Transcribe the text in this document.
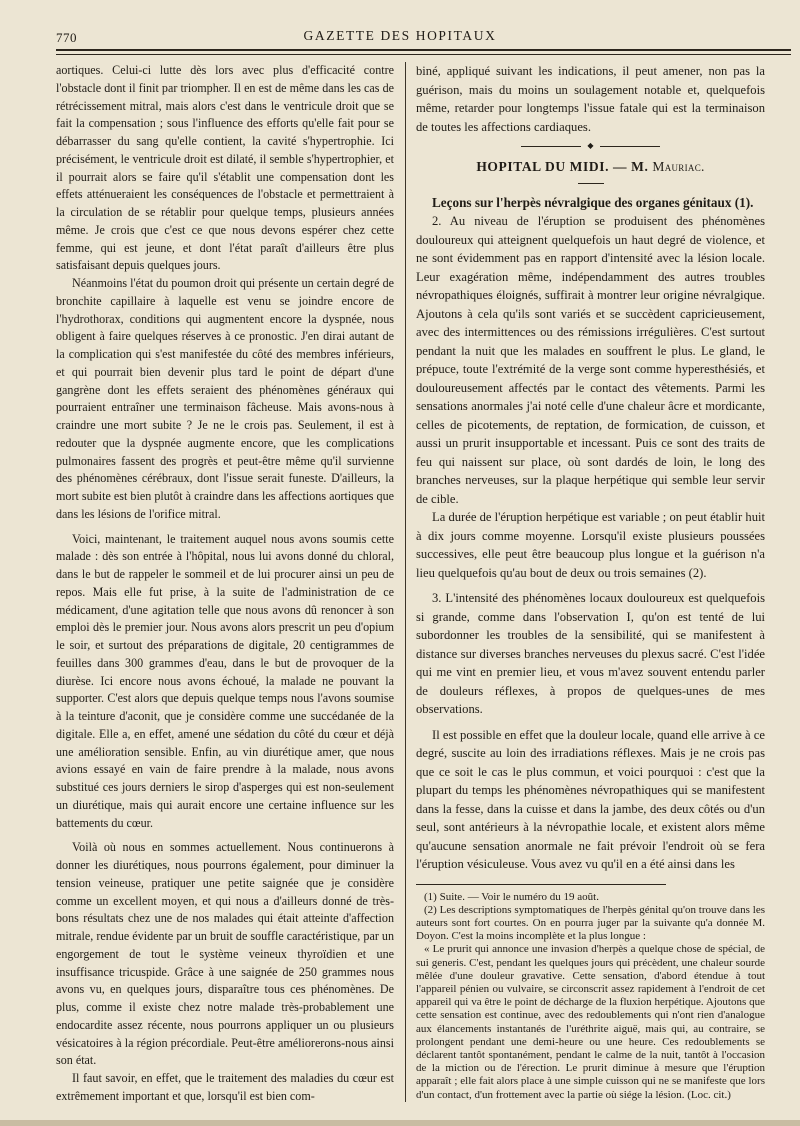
770	GAZETTE DES HOPITAUX

aortiques. Celui-ci lutte dès lors avec plus d'efficacité contre l'obstacle dont il finit par triompher. Il en est de même dans les cas de rétrécissement mitral, mais alors c'est dans le ventricule droit que se fait la compensation ; sous l'influence des efforts qu'elle fait pour se débarrasser du sang qu'elle contient, la cavité s'hypertrophie. Ici précisément, le ventricule droit est dilaté, il semble s'hypertrophier, et il pourrait alors se faire qu'il s'établit une compensation dont les effets atténueraient les conséquences de l'obstacle et permettraient à la circulation de se rétablir pour quelque temps, plusieurs années même. Je crois que c'est ce que nous devons espérer chez cette femme, qui est jeune, et dont l'état paraît d'ailleurs être plus satisfaisant depuis quelques jours.

Néanmoins l'état du poumon droit qui présente un certain degré de bronchite capillaire à laquelle est venu se joindre encore de l'hydrothorax, conditions qui augmentent encore la dyspnée, nous obligent à faire quelques réserves à ce pronostic. J'en dirai autant de la complication qui s'est manifestée du côté des membres inférieurs, et qui pourrait bien devenir plus tard le point de départ d'une gangrène dont les effets seraient des phénomènes généraux qui pourraient entraîner une terminaison fâcheuse. Mais avons-nous à craindre une mort subite ? Je ne le crois pas. Seulement, il est à redouter que la dyspnée augmente encore, que les complications pulmonaires fassent des progrès et peut-être même qu'il survienne des phénomènes cérébraux, dont l'issue serait funeste. D'ailleurs, la mort subite est bien plutôt à craindre dans les affections aortiques que dans les lésions de l'orifice mitral.

Voici, maintenant, le traitement auquel nous avons soumis cette malade : dès son entrée à l'hôpital, nous lui avons donné du chloral, dans le but de rappeler le sommeil et de lui procurer ainsi un peu de repos. Mais elle fut prise, à la suite de l'administration de ce médicament, d'une agitation telle que nous avons dû renoncer à son emploi dès le premier jour. Nous avons alors prescrit un peu d'opium le soir, et surtout des préparations de digitale, 20 centigrammes de feuilles dans 300 grammes d'eau, dans le but de provoquer de la diurèse. Ici encore nous avons échoué, la malade ne pouvant la supporter. C'est alors que depuis quelque temps nous l'avons soumise à la teinture d'aconit, que je considère comme une succédanée de la digitale. Elle a, en effet, amené une sédation du côté du cœur et déjà une amélioration sensible. Enfin, au vin diurétique amer, que nous avions essayé en vain de faire prendre à la malade, nous avons substitué ces jours derniers le sirop d'asperges qui est non-seulement un diurétique, mais qui aurait encore une certaine influence sur les battements du cœur.

Voilà où nous en sommes actuellement. Nous continuerons à donner les diurétiques, nous pourrons également, pour diminuer la tension veineuse, pratiquer une petite saignée que je considère comme un excellent moyen, et qui nous a d'ailleurs donné de très-bons résultats chez une de nos malades qui était atteinte d'affection mitrale, rendue évidente par un bruit de souffle caractéristique, par un engorgement de tout le système veineux thyroïdien et une insuffisance tricuspide. Grâce à une saignée de 250 grammes nous avons vu, en quelques jours, disparaître tous ces phénomènes. De plus, comme il existe chez notre malade très-probablement une endocardite assez récente, nous pourrons appliquer un ou plusieurs vésicatoires à la région précordiale. Peut-être améliorerons-nous ainsi son état.

Il faut savoir, en effet, que le traitement des maladies du cœur est extrêmement important et que, lorsqu'il est bien com-

biné, appliqué suivant les indications, il peut amener, non pas la guérison, mais du moins un soulagement notable et, quelquefois même, retarder pour longtemps l'issue fatale qui est la terminaison de toutes les affections cardiaques.

◆
HOPITAL DU MIDI. — M. Mauriac.

Leçons sur l'herpès névralgique des organes génitaux (1).

2. Au niveau de l'éruption se produisent des phénomènes douloureux qui atteignent quelquefois un haut degré de violence, et ne sont évidemment pas en rapport d'intensité avec la lésion locale. Leur exagération même, indépendamment des autres troubles névropathiques éloignés, suffirait à montrer leur origine névralgique. Ajoutons à cela qu'ils sont variés et se succèdent capricieusement, avec des intermittences ou des rémissions irrégulières. C'est surtout pendant la nuit que les malades en souffrent le plus. Le gland, le prépuce, toute l'extrémité de la verge sont comme hyperesthésiés, et douloureusement affectés par le contact des vêtements. Parmi les sensations anormales j'ai noté celle d'une chaleur âcre et mordicante, celles de picotements, de reptation, de formication, de cuisson, et aussi un prurit insupportable et incessant. Puis ce sont des traits de feu qui naissent sur place, où sont dardés de loin, le long des branches nerveuses, sur la plaque herpétique qui semble leur servir de cible.

La durée de l'éruption herpétique est variable ; on peut établir huit à dix jours comme moyenne. Lorsqu'il existe plusieurs poussées successives, elle peut être beaucoup plus longue et la guérison n'a lieu quelquefois qu'au bout de deux ou trois semaines (2).

3. L'intensité des phénomènes locaux douloureux est quelquefois si grande, comme dans l'observation I, qu'on est tenté de lui subordonner les troubles de la sensibilité, qui se manifestent à distance sur diverses branches nerveuses du plexus sacré. C'est l'idée qui me vint en premier lieu, et vous m'avez souvent entendu parler de douleurs réflexes, à propos de quelques-unes de mes observations.

Il est possible en effet que la douleur locale, quand elle arrive à ce degré, suscite au loin des irradiations réflexes. Mais je ne crois pas que ce soit le cas le plus commun, et voici pourquoi : c'est que la plupart du temps les phénomènes névropathiques qui se manifestent dans la fesse, dans la cuisse et dans la jambe, des deux côtés ou d'un seul, sont antérieurs à la névropathie locale, et existent alors même qu'aucune sensation anormale ne fait prévoir l'endroit où se fera l'éruption vésiculeuse. Vous avez vu qu'il en a été ainsi dans les

(1) Suite. — Voir le numéro du 19 août.

(2) Les descriptions symptomatiques de l'herpès génital qu'on trouve dans les auteurs sont fort courtes. On en pourra juger par la suivante qu'a donnée M. Doyon. C'est la moins incomplète et la plus longue :

« Le prurit qui annonce une invasion d'herpès a quelque chose de spécial, de sui generis. C'est, pendant les quelques jours qui précèdent, une chaleur sourde mêlée d'une douleur gravative. Cette sensation, d'abord étendue à tout l'appareil pénien ou vulvaire, se circonscrit assez rapidement à l'endroit de cet appareil qui va être le point de décharge de la fluxion herpétique. Ajoutons que cette sensation est continue, avec des redoublements qui n'ont rien d'analogue aux élancements instantanés de l'uréthrite aiguë, mais qui, au contraire, se prolongent pendant une demi-heure ou une heure. Ces redoublements se déclarent tantôt spontanément, pendant le calme de la nuit, tantôt à l'occasion de la miction ou de l'érection. Le prurit diminue à mesure que l'éruption apparaît ; elle fait alors place à une simple cuisson qui ne se manifeste que lors d'un contact, d'un frottement avec la partie où siége la lésion. (Loc. cit.)
